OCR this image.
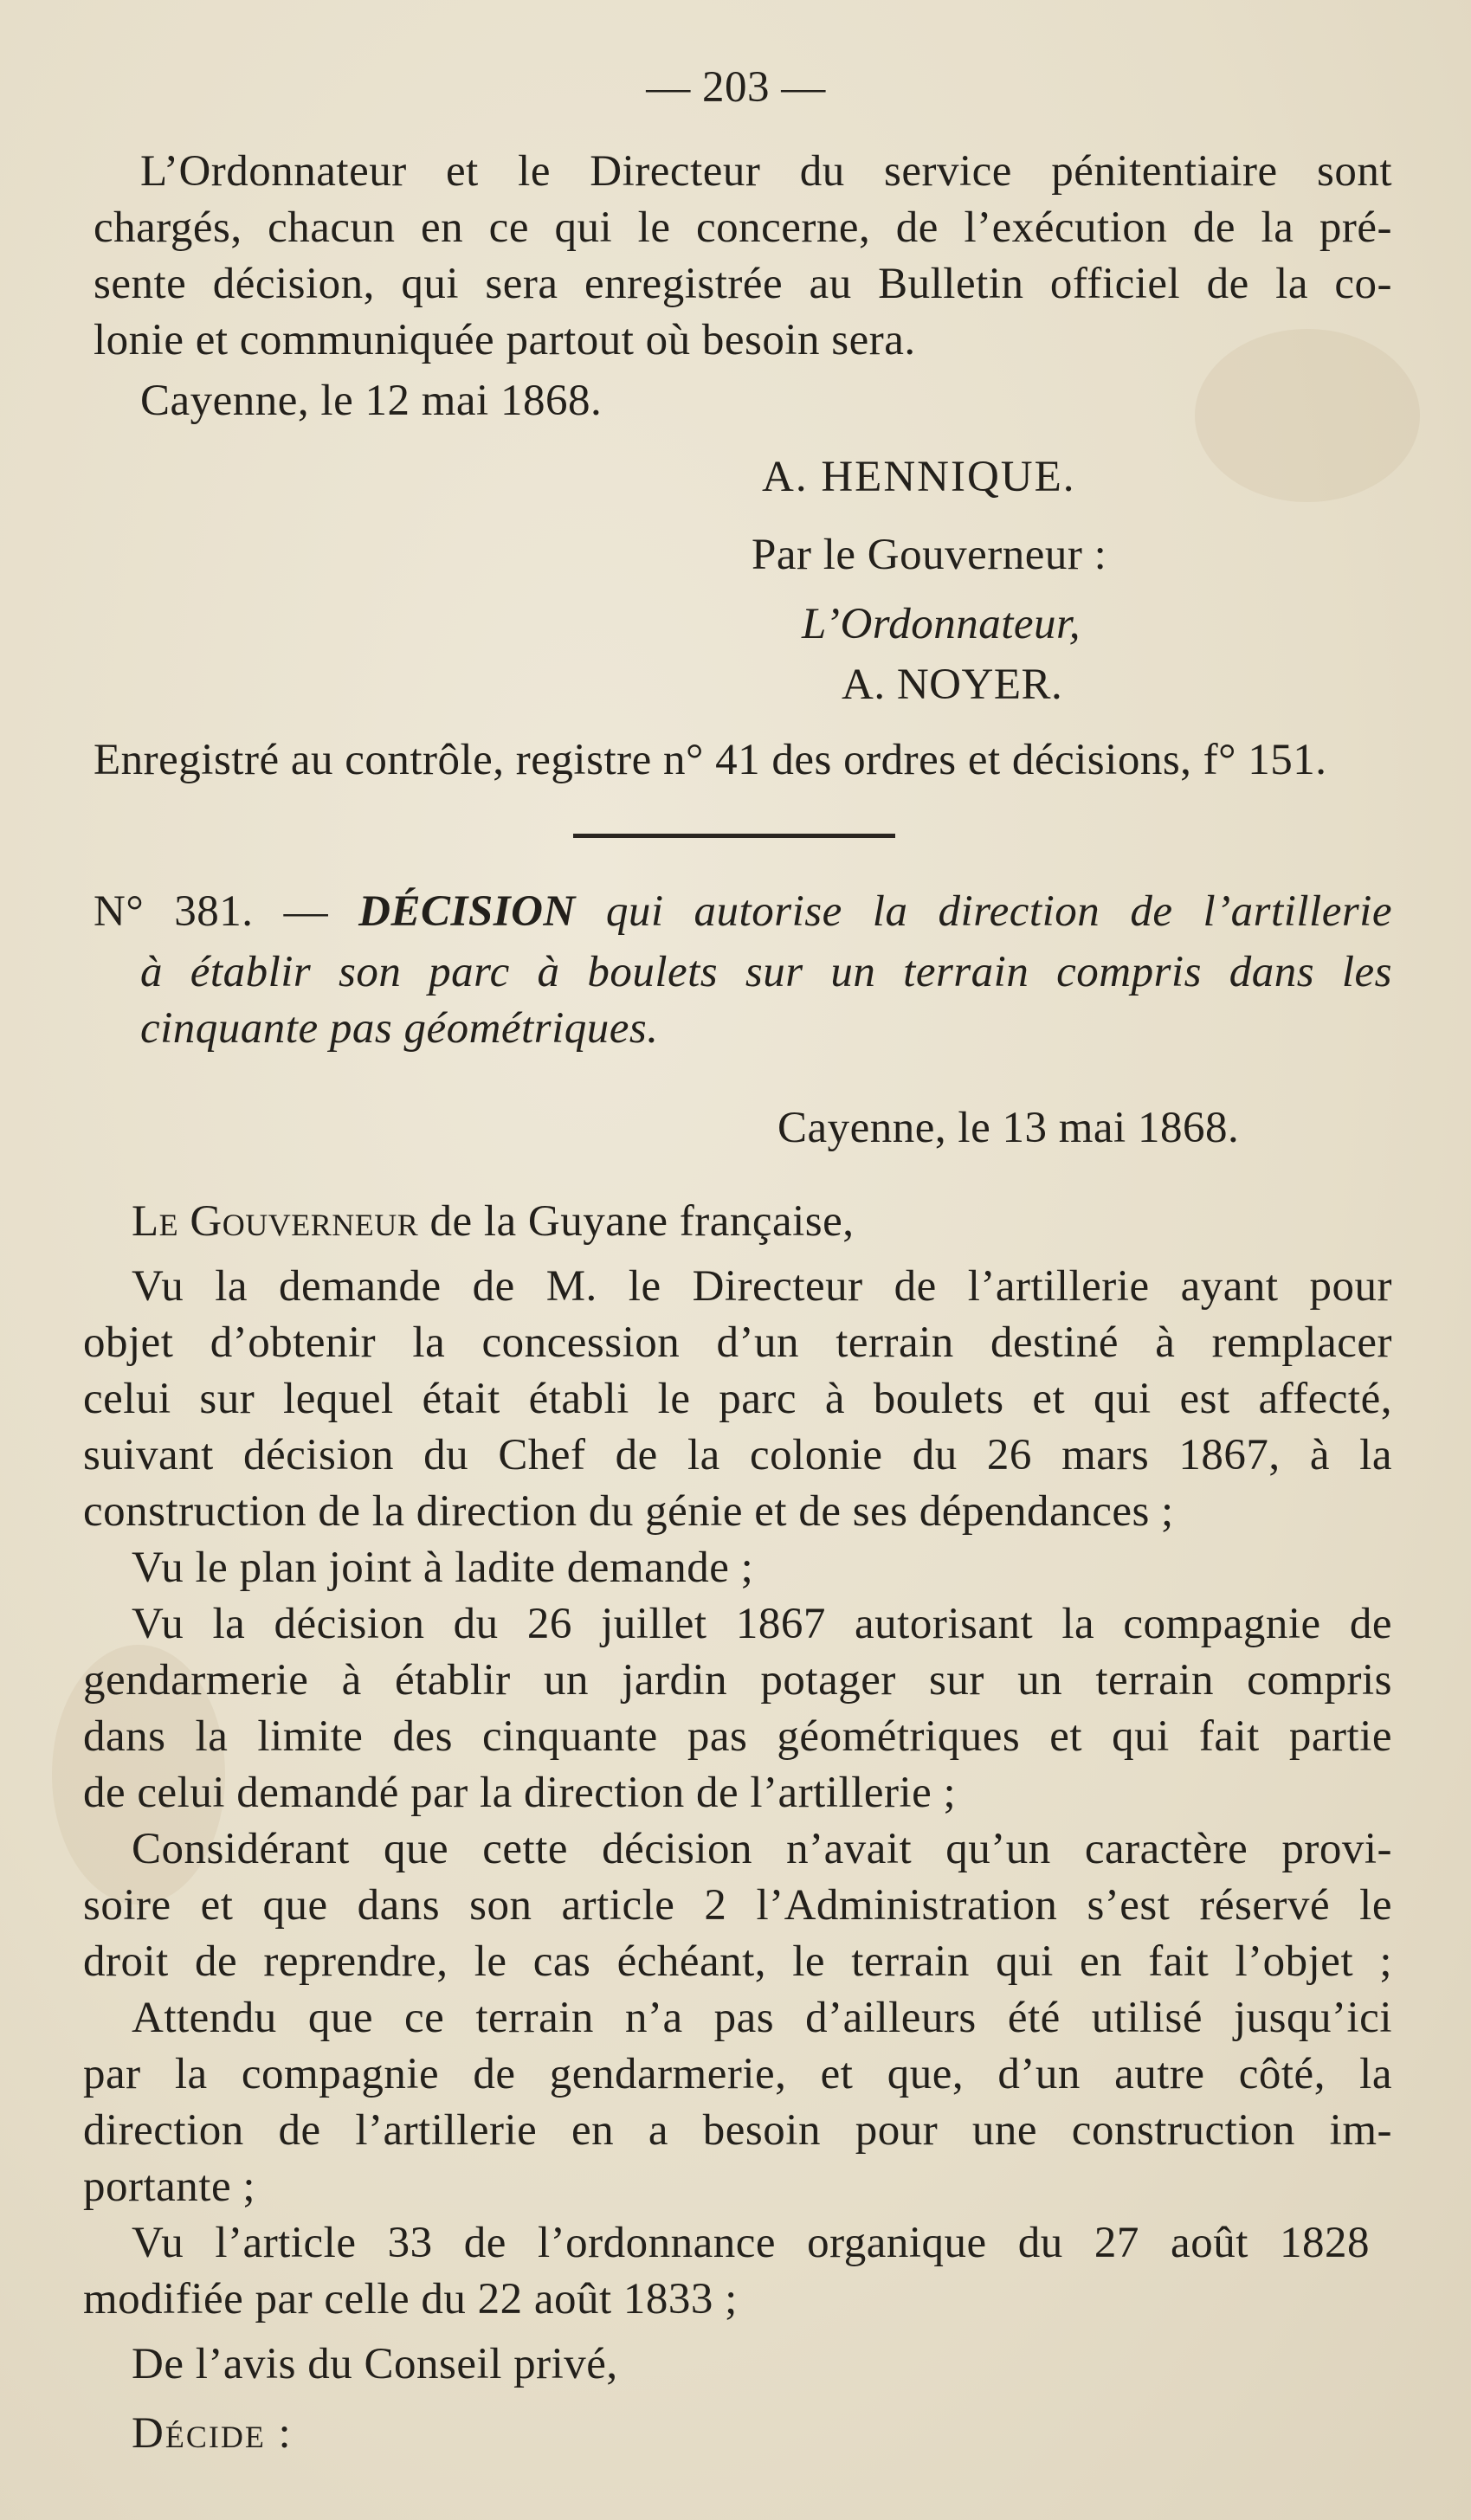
— 203 —

L’Ordonnateur et le Directeur du service pénitentiaire sont

chargés, chacun en ce qui le concerne, de l’exécution de la pré-

sente décision, qui sera enregistrée au Bulletin officiel de la co-

lonie et communiquée partout où besoin sera.

Cayenne, le 12 mai 1868.

A. HENNIQUE.

Par le Gouverneur :

L’Ordonnateur,

A. NOYER.

Enregistré au contrôle, registre n° 41 des ordres et décisions, f° 151.

N° 381. — DÉCISION qui autorise la direction de l’artillerie

à établir son parc à boulets sur un terrain compris dans les

cinquante pas géométriques.

Cayenne, le 13 mai 1868.

Le Gouverneur de la Guyane française,

Vu la demande de M. le Directeur de l’artillerie ayant pour

objet d’obtenir la concession d’un terrain destiné à remplacer

celui sur lequel était établi le parc à boulets et qui est affecté,

suivant décision du Chef de la colonie du 26 mars 1867, à la

construction de la direction du génie et de ses dépendances ;

Vu le plan joint à ladite demande ;

Vu la décision du 26 juillet 1867 autorisant la compagnie de

gendarmerie à établir un jardin potager sur un terrain compris

dans la limite des cinquante pas géométriques et qui fait partie

de celui demandé par la direction de l’artillerie ;

Considérant que cette décision n’avait qu’un caractère provi-

soire et que dans son article 2 l’Administration s’est réservé le

droit de reprendre, le cas échéant, le terrain qui en fait l’objet ;

Attendu que ce terrain n’a pas d’ailleurs été utilisé jusqu’ici

par la compagnie de gendarmerie, et que, d’un autre côté, la

direction de l’artillerie en a besoin pour une construction im-

portante ;

Vu l’article 33 de l’ordonnance organique du 27 août 1828

modifiée par celle du 22 août 1833 ;

De l’avis du Conseil privé,

Décide :
